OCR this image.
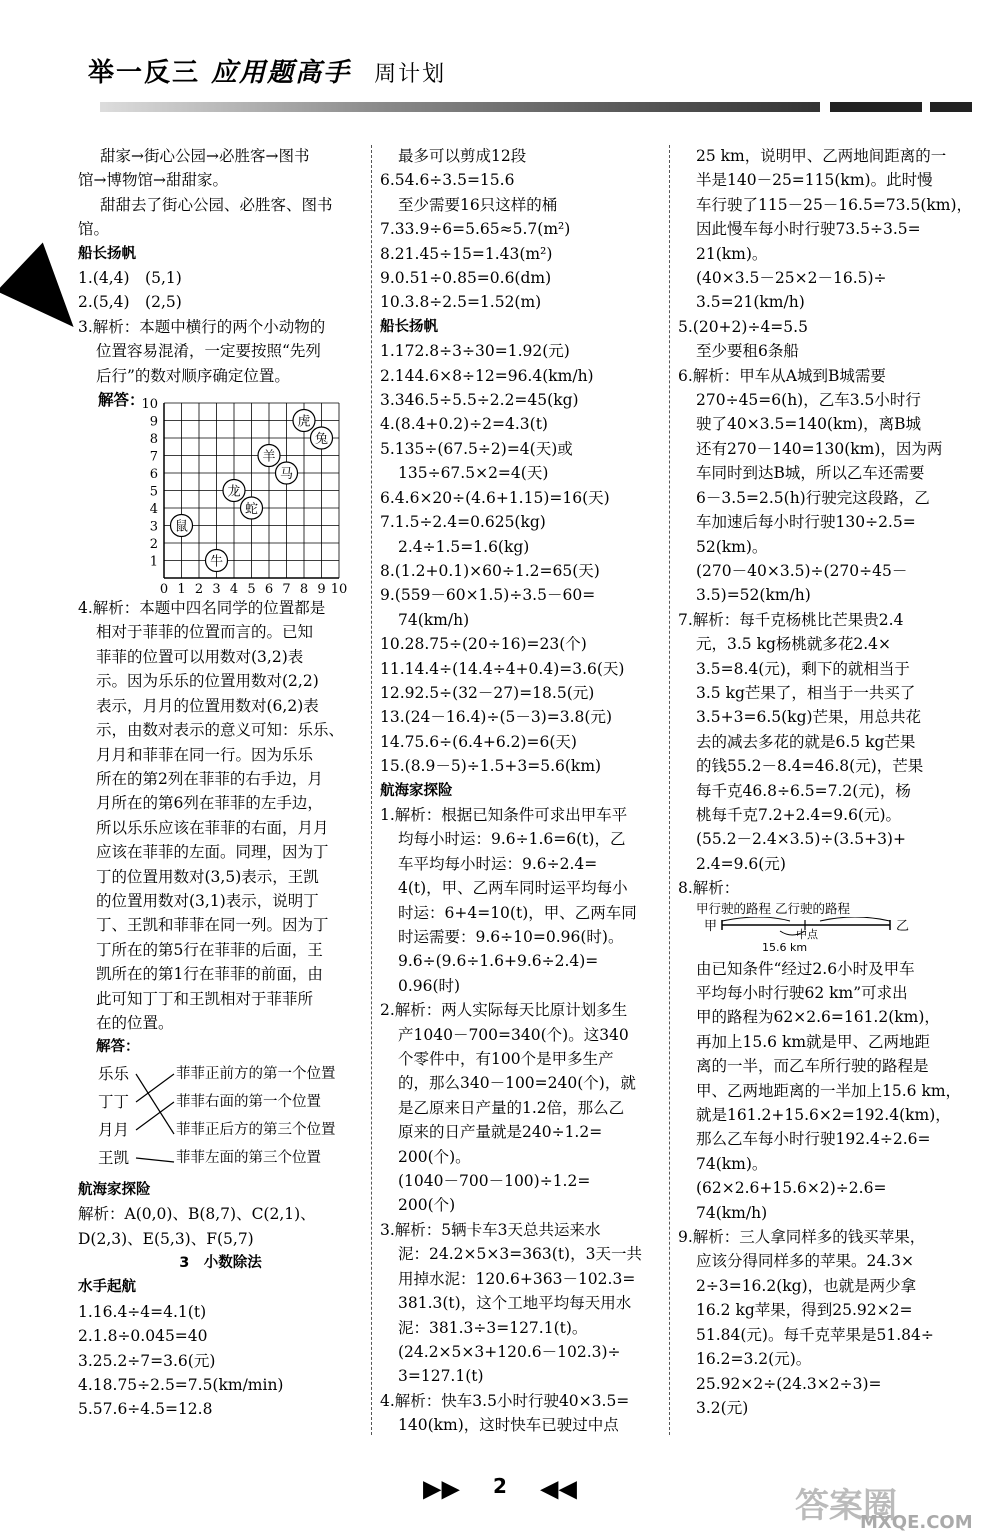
举一反三 应用题高手 周计划
甜家→街心公园→必胜客→图书
馆→博物馆→甜甜家。
甜甜去了街心公园、必胜客、图书
馆。
船长扬帆
1.(4,4)　(5,1)
2.(5,4)　(2,5)
3.解析：本题中横行的两个小动物的
位置容易混淆，一定要按照“先列
后行”的数对顺序确定位置。
解答：
0 1 2 3 4 5 6 7 8 9 10
1
2
3
4
5
6
7
8
9
10
虎
兔
羊
马
龙
蛇
鼠
牛
4.解析：本题中四名同学的位置都是
相对于菲菲的位置而言的。已知
菲菲的位置可以用数对(3,2)表
示。因为乐乐的位置用数对(2,2)
表示，月月的位置用数对(6,2)表
示，由数对表示的意义可知：乐乐、
月月和菲菲在同一行。因为乐乐
所在的第2列在菲菲的右手边，月
月所在的第6列在菲菲的左手边，
所以乐乐应该在菲菲的右面，月月
应该在菲菲的左面。同理，因为丁
丁的位置用数对(3,5)表示，王凯
的位置用数对(3,1)表示，说明丁
丁、王凯和菲菲在同一列。因为丁
丁所在的第5行在菲菲的后面，王
凯所在的第1行在菲菲的前面，由
此可知丁丁和王凯相对于菲菲所
在的位置。
解答：
乐乐
丁丁
月月
王凯
菲菲正前方的第一个位置
菲菲右面的第一个位置
菲菲正后方的第三个位置
菲菲左面的第三个位置
航海家探险
解析：A(0,0)、B(8,7)、C(2,1)、
D(2,3)、E(5,3)、F(5,7)
3　小数除法
水手起航
1.16.4÷4=4.1(t)
2.1.8÷0.045=40
3.25.2÷7=3.6(元)
4.18.75÷2.5=7.5(km/min)
5.57.6÷4.5=12.8
最多可以剪成12段
6.54.6÷3.5=15.6
至少需要16只这样的桶
7.33.9÷6=5.65≈5.7(m²)
8.21.45÷15=1.43(m²)
9.0.51÷0.85=0.6(dm)
10.3.8÷2.5=1.52(m)
船长扬帆
1.172.8÷3÷30=1.92(元)
2.144.6×8÷12=96.4(km/h)
3.346.5÷5.5÷2.2=45(kg)
4.(8.4+0.2)÷2=4.3(t)
5.135÷(67.5÷2)=4(天)或
135÷67.5×2=4(天)
6.4.6×20÷(4.6+1.15)=16(天)
7.1.5÷2.4=0.625(kg)
2.4÷1.5=1.6(kg)
8.(1.2+0.1)×60÷1.2=65(天)
9.(559－60×1.5)÷3.5－60=
74(km/h)
10.28.75÷(20÷16)=23(个)
11.14.4÷(14.4÷4+0.4)=3.6(天)
12.92.5÷(32－27)=18.5(元)
13.(24－16.4)÷(5－3)=3.8(元)
14.75.6÷(6.4+6.2)=6(天)
15.(8.9－5)÷1.5+3=5.6(km)
航海家探险
1.解析：根据已知条件可求出甲车平
均每小时运：9.6÷1.6=6(t)，乙
车平均每小时运：9.6÷2.4=
4(t)，甲、乙两车同时运平均每小
时运：6+4=10(t)，甲、乙两车同
时运需要：9.6÷10=0.96(时)。
9.6÷(9.6÷1.6+9.6÷2.4)=
0.96(时)
2.解析：两人实际每天比原计划多生
产1040－700=340(个)。这340
个零件中，有100个是甲多生产
的，那么340－100=240(个)，就
是乙原来日产量的1.2倍，那么乙
原来的日产量就是240÷1.2=
200(个)。
(1040－700－100)÷1.2=
200(个)
3.解析：5辆卡车3天总共运来水
泥：24.2×5×3=363(t)，3天一共
用掉水泥：120.6+363－102.3=
381.3(t)，这个工地平均每天用水
泥：381.3÷3=127.1(t)。
(24.2×5×3+120.6－102.3)÷
3=127.1(t)
4.解析：快车3.5小时行驶40×3.5=
140(km)，这时快车已驶过中点
25 km，说明甲、乙两地间距离的一
半是140－25=115(km)。此时慢
车行驶了115－25－16.5=73.5(km)，
因此慢车每小时行驶73.5÷3.5=
21(km)。
(40×3.5－25×2－16.5)÷
3.5=21(km/h)
5.(20+2)÷4=5.5
至少要租6条船
6.解析：甲车从A城到B城需要
270÷45=6(h)，乙车3.5小时行
驶了40×3.5=140(km)，离B城
还有270－140=130(km)，因为两
车同时到达B城，所以乙车还需要
6－3.5=2.5(h)行驶完这段路，乙
车加速后每小时行驶130÷2.5=
52(km)。
(270－40×3.5)÷(270÷45－
3.5)=52(km/h)
7.解析：每千克杨桃比芒果贵2.4
元，3.5 kg杨桃就多花2.4×
3.5=8.4(元)，剩下的就相当于
3.5 kg芒果了，相当于一共买了
3.5+3=6.5(kg)芒果，用总共花
去的减去多花的就是6.5 kg芒果
的钱55.2－8.4=46.8(元)，芒果
每千克46.8÷6.5=7.2(元)，杨
桃每千克7.2+2.4=9.6(元)。
(55.2－2.4×3.5)÷(3.5+3)+
2.4=9.6(元)
8.解析：
甲行驶的路程 乙行驶的路程
甲	乙
中点
15.6 km
由已知条件“经过2.6小时及甲车
平均每小时行驶62 km”可求出
甲的路程为62×2.6=161.2(km)，
再加上15.6 km就是甲、乙两地距
离的一半，而乙车所行驶的路程是
甲、乙两地距离的一半加上15.6 km，
就是161.2+15.6×2=192.4(km)，
那么乙车每小时行驶192.4÷2.6=
74(km)。
(62×2.6+15.6×2)÷2.6=
74(km/h)
9.解析：三人拿同样多的钱买苹果，
应该分得同样多的苹果。24.3×
2÷3=16.2(kg)，也就是两少拿
16.2 kg苹果，得到25.92×2=
51.84(元)。每千克苹果是51.84÷
16.2=3.2(元)。
25.92×2÷(24.3×2÷3)=
3.2(元)
▶▶ 2 ◀◀	答案圈
MXQE.COM
